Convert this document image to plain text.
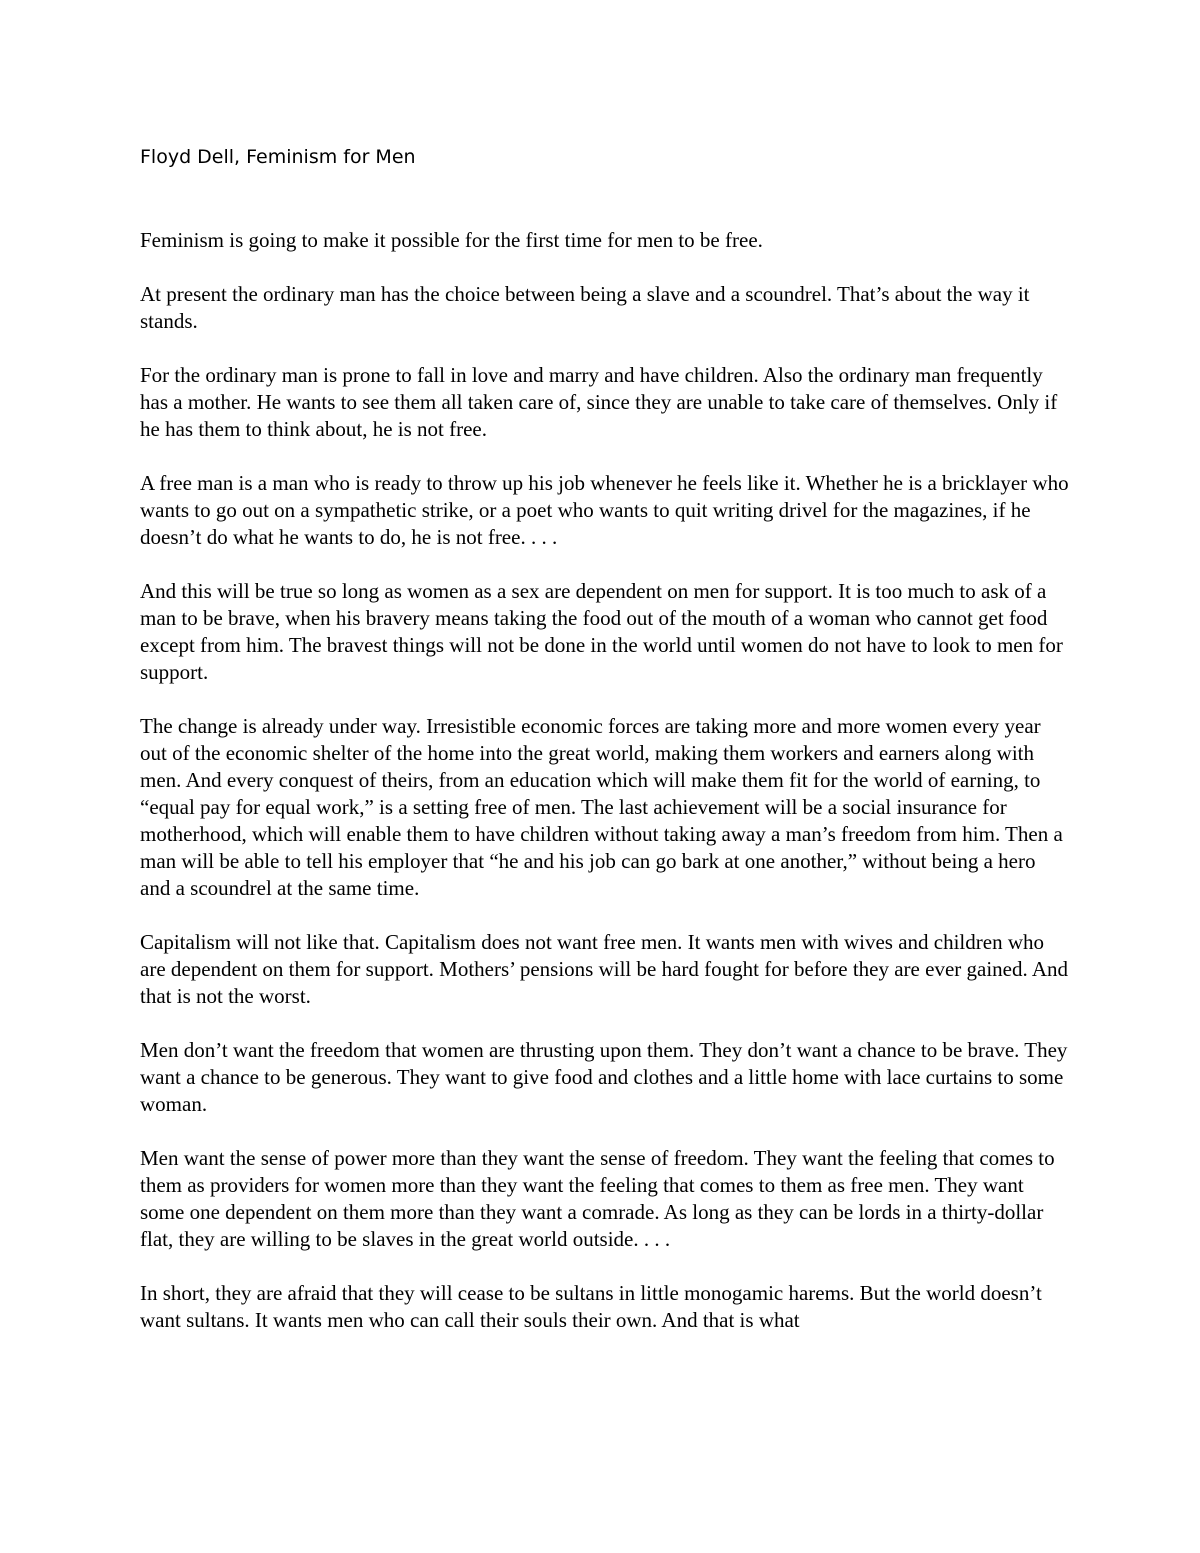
Floyd Dell, Feminism for Men

Feminism is going to make it possible for the first time for men to be free.

At present the ordinary man has the choice between being a slave and a scoundrel. That’s about the way it stands.

For the ordinary man is prone to fall in love and marry and have children. Also the ordinary man frequently has a mother. He wants to see them all taken care of, since they are unable to take care of themselves. Only if he has them to think about, he is not free.

A free man is a man who is ready to throw up his job whenever he feels like it. Whether he is a bricklayer who wants to go out on a sympathetic strike, or a poet who wants to quit writing drivel for the magazines, if he doesn’t do what he wants to do, he is not free. . . .

And this will be true so long as women as a sex are dependent on men for support. It is too much to ask of a man to be brave, when his bravery means taking the food out of the mouth of a woman who cannot get food except from him. The bravest things will not be done in the world until women do not have to look to men for support.

The change is already under way. Irresistible economic forces are taking more and more women every year out of the economic shelter of the home into the great world, making them workers and earners along with men. And every conquest of theirs, from an education which will make them fit for the world of earning, to “equal pay for equal work,” is a setting free of men. The last achievement will be a social insurance for motherhood, which will enable them to have children without taking away a man’s freedom from him. Then a man will be able to tell his employer that “he and his job can go bark at one another,” without being a hero and a scoundrel at the same time.

Capitalism will not like that. Capitalism does not want free men. It wants men with wives and children who are dependent on them for support. Mothers’ pensions will be hard fought for before they are ever gained. And that is not the worst.

Men don’t want the freedom that women are thrusting upon them. They don’t want a chance to be brave. They want a chance to be generous. They want to give food and clothes and a little home with lace curtains to some woman.

Men want the sense of power more than they want the sense of freedom. They want the feeling that comes to them as providers for women more than they want the feeling that comes to them as free men. They want some one dependent on them more than they want a comrade. As long as they can be lords in a thirty-dollar flat, they are willing to be slaves in the great world outside. . . .

In short, they are afraid that they will cease to be sultans in little monogamic harems. But the world doesn’t want sultans. It wants men who can call their souls their own. And that is what
